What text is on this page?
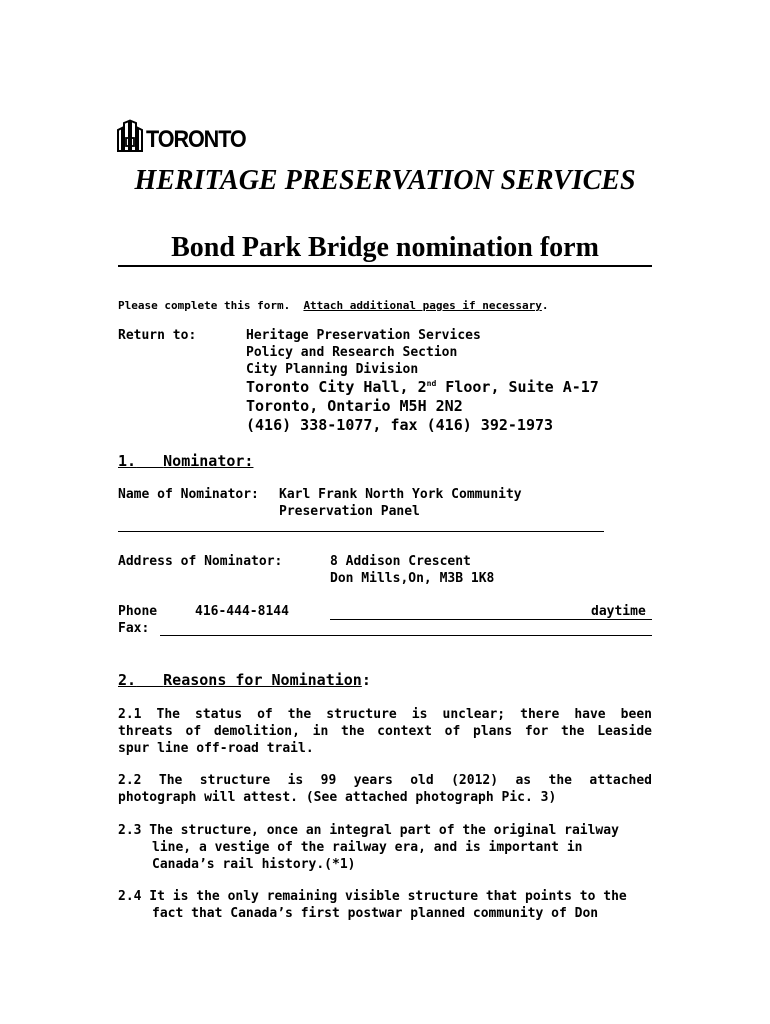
TORONTO
HERITAGE PRESERVATION SERVICES
Bond Park Bridge nomination form
Please complete this form. Attach additional pages if necessary.
Return to:	Heritage Preservation Services
Policy and Research Section
City Planning Division
Toronto City Hall, 2nd Floor, Suite A-17
Toronto, Ontario M5H 2N2
(416) 338-1077, fax (416) 392-1973
1. Nominator:
Name of Nominator: Karl Frank North York Community
Preservation Panel
Address of Nominator:	8 Addison Crescent
Don Mills,On, M3B 1K8
Phone	416-444-8144	daytime
Fax:
2. Reasons for Nomination:
2.1 The status of the structure is unclear; there have been
threats of demolition, in the context of plans for the Leaside
spur line off-road trail.
2.2 The structure is 99 years old (2012) as the attached
photograph will attest. (See attached photograph Pic. 3)
2.3 The structure, once an integral part of the original railway
line, a vestige of the railway era, and is important in
Canada’s rail history.(*1)
2.4 It is the only remaining visible structure that points to the
fact that Canada’s first postwar planned community of Don
